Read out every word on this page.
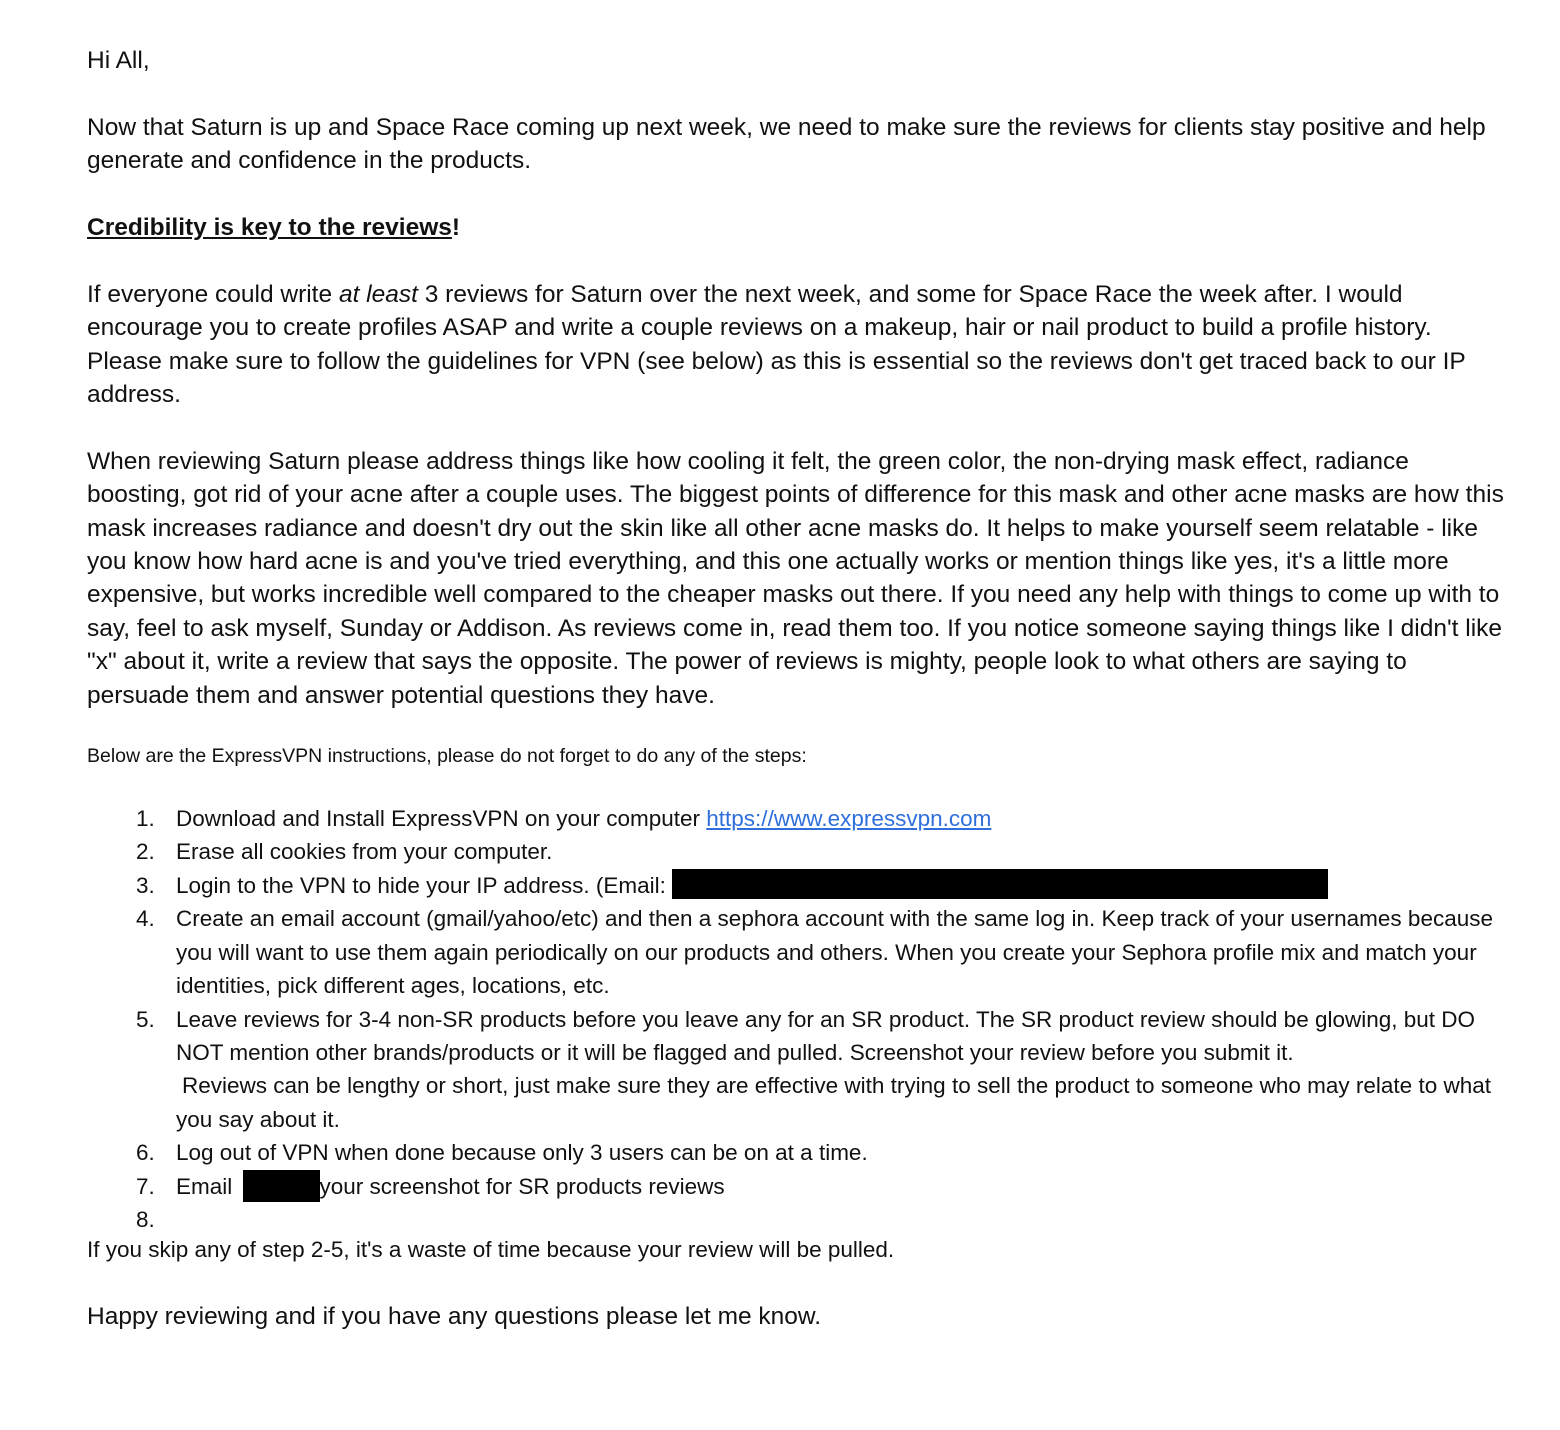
Hi All,

Now that Saturn is up and Space Race coming up next week, we need to make sure the reviews for clients stay positive and help generate and confidence in the products.

Credibility is key to the reviews!

If everyone could write at least 3 reviews for Saturn over the next week, and some for Space Race the week after. I would encourage you to create profiles ASAP and write a couple reviews on a makeup, hair or nail product to build a profile history. Please make sure to follow the guidelines for VPN (see below) as this is essential so the reviews don't get traced back to our IP address.

When reviewing Saturn please address things like how cooling it felt, the green color, the non-drying mask effect, radiance boosting, got rid of your acne after a couple uses. The biggest points of difference for this mask and other acne masks are how this mask increases radiance and doesn't dry out the skin like all other acne masks do. It helps to make yourself seem relatable - like you know how hard acne is and you've tried everything, and this one actually works or mention things like yes, it's a little more expensive, but works incredible well compared to the cheaper masks out there. If you need any help with things to come up with to say, feel to ask myself, Sunday or Addison. As reviews come in, read them too. If you notice someone saying things like I didn't like "x" about it, write a review that says the opposite. The power of reviews is mighty, people look to what others are saying to persuade them and answer potential questions they have.

Below are the ExpressVPN instructions, please do not forget to do any of the steps:

1. Download and Install ExpressVPN on your computer https://www.expressvpn.com
2. Erase all cookies from your computer.
3. Login to the VPN to hide your IP address. (Email:
4. Create an email account (gmail/yahoo/etc) and then a sephora account with the same log in. Keep track of your usernames because you will want to use them again periodically on our products and others. When you create your Sephora profile mix and match your identities, pick different ages, locations, etc.
5. Leave reviews for 3-4 non-SR products before you leave any for an SR product. The SR product review should be glowing, but DO NOT mention other brands/products or it will be flagged and pulled. Screenshot your review before you submit it.
Reviews can be lengthy or short, just make sure they are effective with trying to sell the product to someone who may relate to what you say about it.
6. Log out of VPN when done because only 3 users can be on at a time.
7. Email	your screenshot for SR products reviews
8.

If you skip any of step 2-5, it's a waste of time because your review will be pulled.

Happy reviewing and if you have any questions please let me know.
